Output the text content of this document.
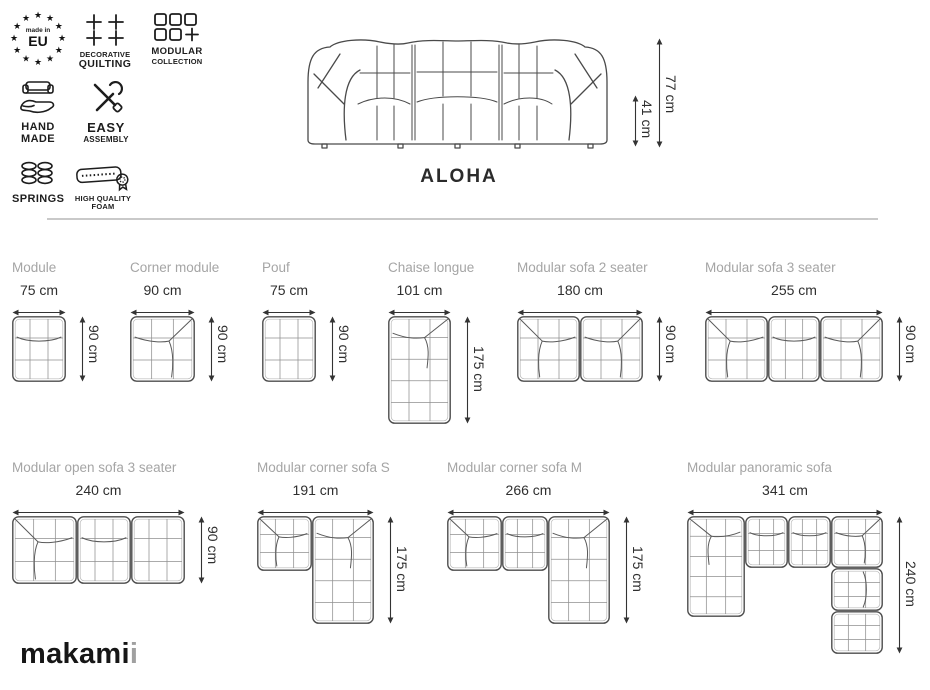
★ ★
★
★
★
★
★
★
★
★
★
★
made in
EU
DECORATIVE
QUILTING
MODULAR
COLLECTION
HAND
MADE
EASY
ASSEMBLY
SPRINGS	HIGH QUALITY
FOAM
ALOHA
41 cm
77 cm
Module
75 cm
90 cm
Corner module
90 cm
90 cm
Pouf
75 cm
90 cm
Chaise longue
101 cm
175 cm
Modular sofa 2 seater
180 cm
90 cm
Modular sofa 3 seater
255 cm
90 cm
Modular open sofa 3 seater
240 cm
90 cm
Modular corner sofa S
191 cm
175 cm
Modular corner sofa M
266 cm
175 cm
Modular panoramic sofa
341 cm
240 cm
makamii
